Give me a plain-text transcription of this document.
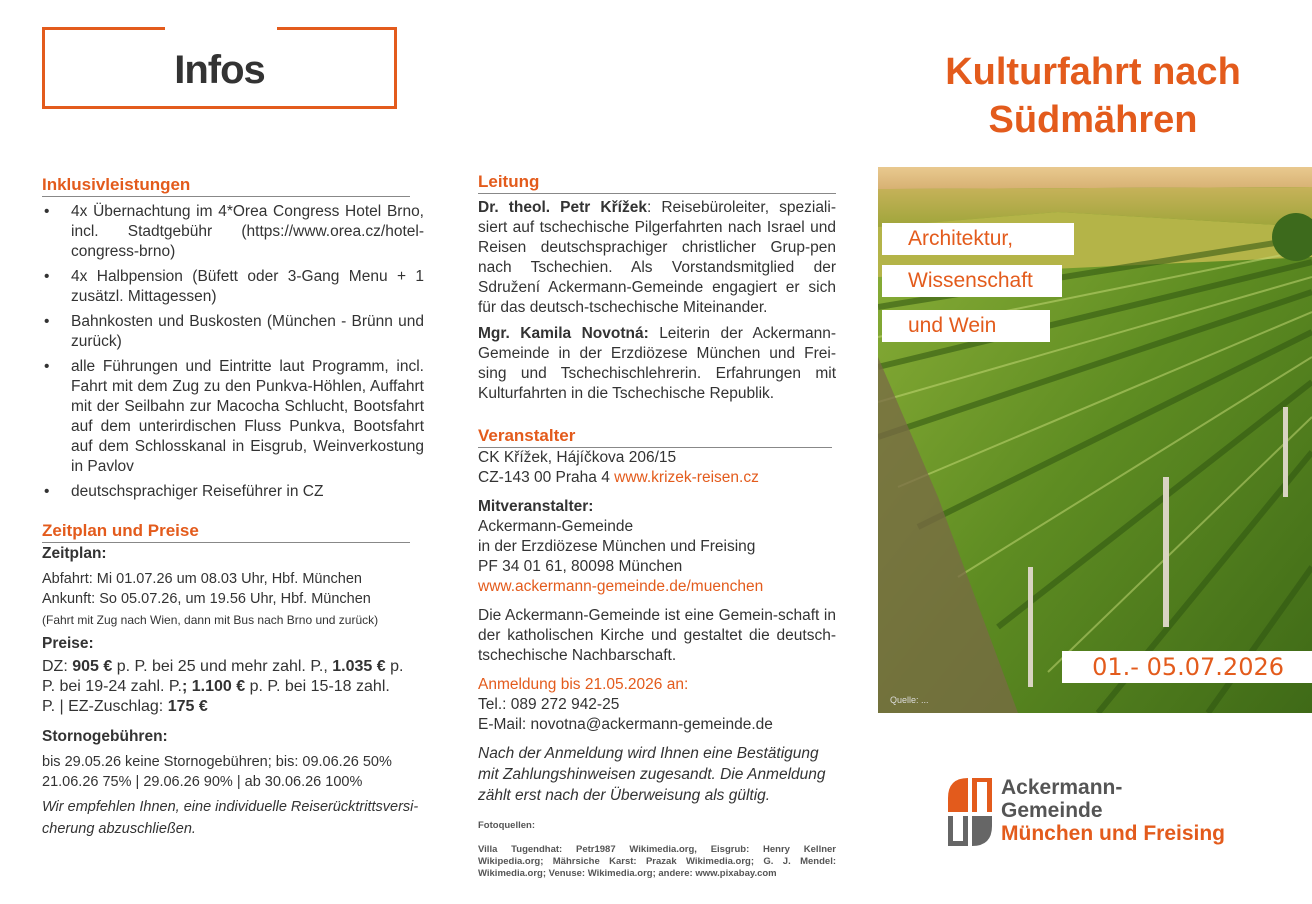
Infos
Inklusivleistungen
• 4x Übernachtung im 4*Orea Congress Hotel Brno, incl. Stadtgebühr (https://www.orea.cz/hotel-congress-brno)
• 4x Halbpension (Büfett oder 3-Gang Menu + 1 zusätzl. Mittagessen)
• Bahnkosten und Buskosten (München - Brünn und zurück)
• alle Führungen und Eintritte laut Programm, incl. Fahrt mit dem Zug zu den Punkva-Höhlen, Auffahrt mit der Seilbahn zur Macocha Schlucht, Bootsfahrt auf dem unterirdischen Fluss Punkva, Bootsfahrt auf dem Schlosskanal in Eisgrub, Weinverkostung in Pavlov
• deutschsprachiger Reiseführer in CZ
Zeitplan und Preise

Zeitplan:

Abfahrt: Mi 01.07.26 um 08.03 Uhr, Hbf. München

Ankunft: So 05.07.26, um 19.56 Uhr, Hbf. München

(Fahrt mit Zug nach Wien, dann mit Bus nach Brno und zurück)

Preise:

DZ: 905 € p. P. bei 25 und mehr zahl. P., 1.035 € p. P. bei 19-24 zahl. P.; 1.100 € p. P. bei 15-18 zahl. P. | EZ-Zuschlag: 175 €

Stornogebühren:

bis 29.05.26 keine Stornogebühren; bis: 09.06.26 50% 21.06.26 75% | 29.06.26 90% | ab 30.06.26 100%

Wir empfehlen Ihnen, eine individuelle Reiserücktrittsversi-cherung abzuschließen.

Leitung

Dr. theol. Petr Křížek: Reisebüroleiter, speziali-siert auf tschechische Pilgerfahrten nach Israel und Reisen deutschsprachiger christlicher Grup-pen nach Tschechien. Als Vorstandsmitglied der Sdružení Ackermann-Gemeinde engagiert er sich für das deutsch-tschechische Miteinander.

Mgr. Kamila Novotná: Leiterin der Ackermann-Gemeinde in der Erzdiözese München und Frei-sing und Tschechischlehrerin. Erfahrungen mit Kulturfahrten in die Tschechische Republik.

Veranstalter

CK Křížek, Hájíčkova 206/15

CZ-143 00 Praha 4 www.krizek-reisen.cz

Mitveranstalter:

Ackermann-Gemeinde

in der Erzdiözese München und Freising

PF 34 01 61, 80098 München

www.ackermann-gemeinde.de/muenchen

Die Ackermann-Gemeinde ist eine Gemein-schaft in der katholischen Kirche und gestaltet die deutsch-tschechische Nachbarschaft.

Anmeldung bis 21.05.2026 an:

Tel.: 089 272 942-25

E-Mail: novotna@ackermann-gemeinde.de

Nach der Anmeldung wird Ihnen eine Bestätigung mit Zahlungshinweisen zugesandt. Die Anmeldung zählt erst nach der Überweisung als gültig.

Fotoquellen:

Villa Tugendhat: Petr1987 Wikimedia.org, Eisgrub: Henry Kellner Wikipedia.org; Mährsiche Karst: Prazak Wikimedia.org; G. J. Mendel: Wikimedia.org; Venuse: Wikimedia.org; andere: www.pixabay.com

Kulturfahrt nach
Südmähren
Architektur,
Wissenschaft
und Wein
01.- 05.07.2026
Quelle: ...
Ackermann-
Gemeinde
München und Freising
